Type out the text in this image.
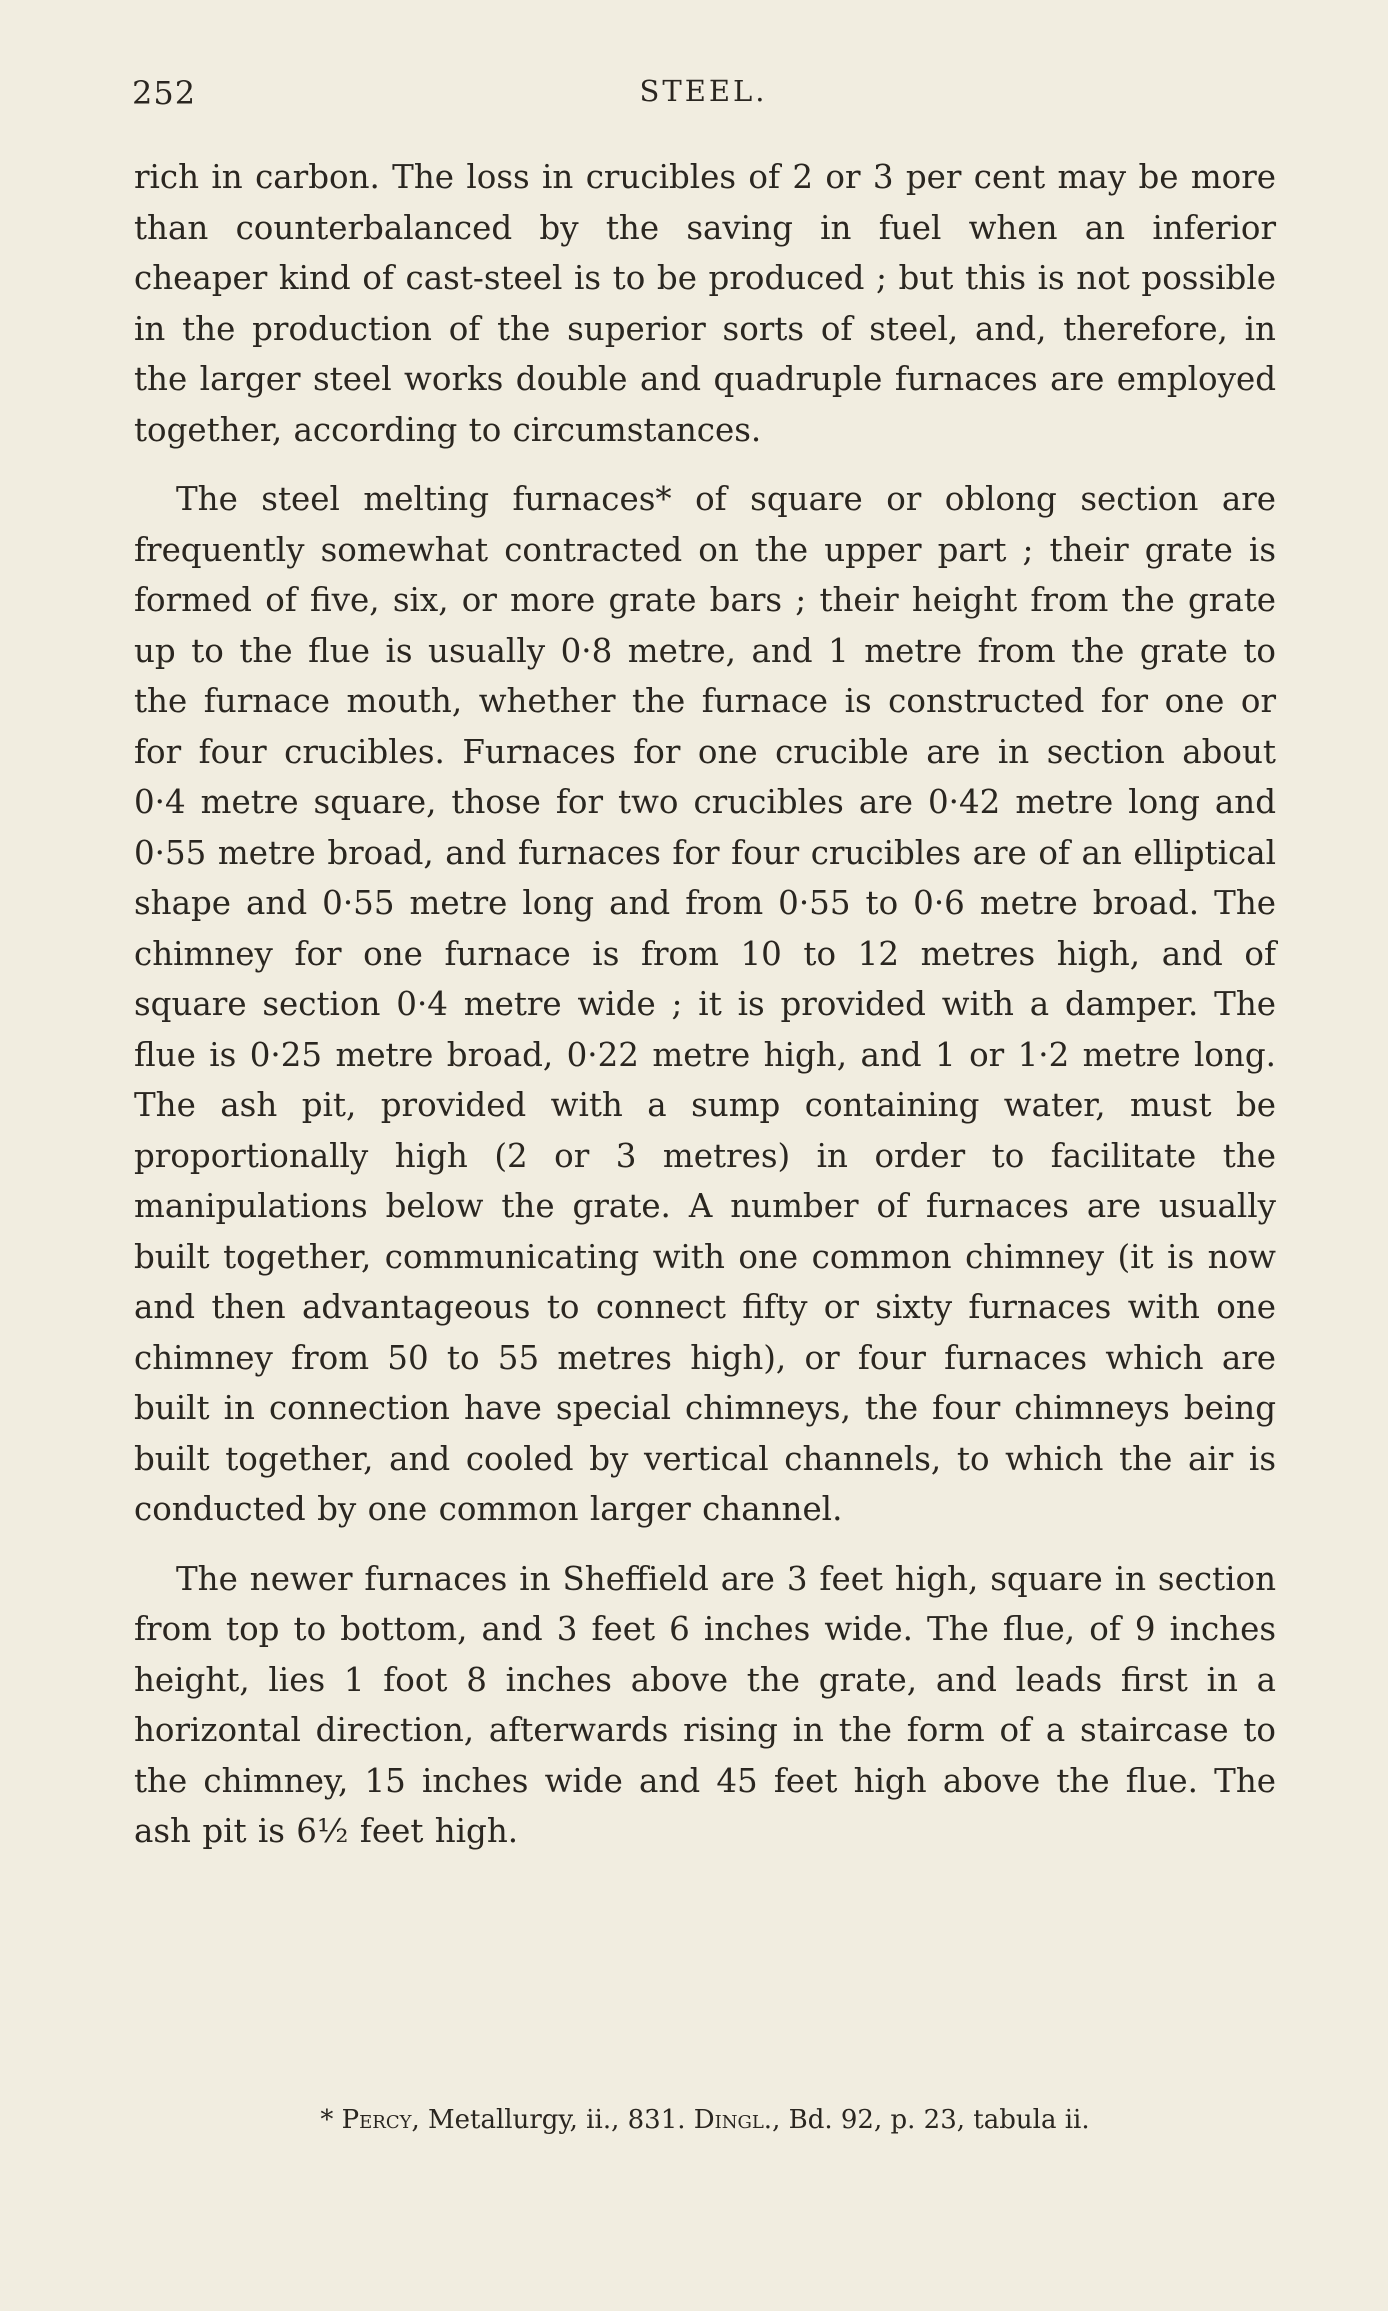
252	STEEL.

rich in carbon. The loss in crucibles of 2 or 3 per cent may be more than counterbalanced by the saving in fuel when an inferior cheaper kind of cast-steel is to be produced ; but this is not possible in the production of the superior sorts of steel, and, therefore, in the larger steel works double and quadruple furnaces are employed together, according to circumstances.

The steel melting furnaces* of square or oblong section are frequently somewhat contracted on the upper part ; their grate is formed of five, six, or more grate bars ; their height from the grate up to the flue is usually 0·8 metre, and 1 metre from the grate to the furnace mouth, whether the furnace is constructed for one or for four crucibles. Furnaces for one crucible are in section about 0·4 metre square, those for two crucibles are 0·42 metre long and 0·55 metre broad, and furnaces for four crucibles are of an elliptical shape and 0·55 metre long and from 0·55 to 0·6 metre broad. The chimney for one furnace is from 10 to 12 metres high, and of square section 0·4 metre wide ; it is provided with a damper. The flue is 0·25 metre broad, 0·22 metre high, and 1 or 1·2 metre long. The ash pit, provided with a sump containing water, must be proportionally high (2 or 3 metres) in order to facilitate the manipulations below the grate. A number of furnaces are usually built together, communicating with one common chimney (it is now and then advantageous to connect fifty or sixty furnaces with one chimney from 50 to 55 metres high), or four furnaces which are built in connection have special chimneys, the four chimneys being built together, and cooled by vertical channels, to which the air is conducted by one common larger channel.

The newer furnaces in Sheffield are 3 feet high, square in section from top to bottom, and 3 feet 6 inches wide. The flue, of 9 inches height, lies 1 foot 8 inches above the grate, and leads first in a horizontal direction, afterwards rising in the form of a staircase to the chimney, 15 inches wide and 45 feet high above the flue. The ash pit is 6½ feet high.

* Percy, Metallurgy, ii., 831. Dingl., Bd. 92, p. 23, tabula ii.
